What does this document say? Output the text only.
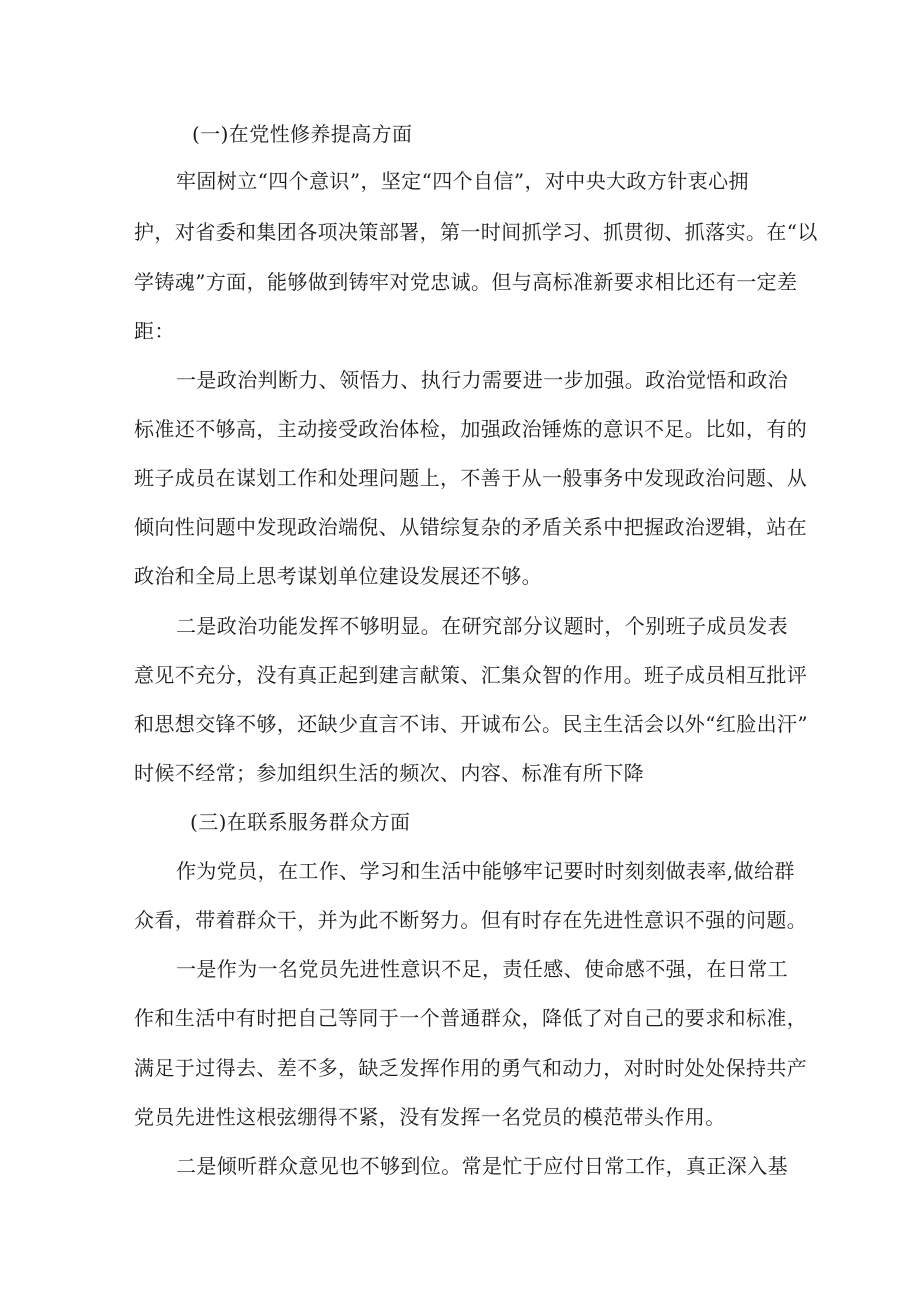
(一)在党性修养提高方面
牢固树立“四个意识”，坚定“四个自信”，对中央大政方针衷心拥
护，对省委和集团各项决策部署，第一时间抓学习、抓贯彻、抓落实。在“以
学铸魂”方面，能够做到铸牢对党忠诚。但与高标准新要求相比还有一定差
距：
一是政治判断力、领悟力、执行力需要进一步加强。政治觉悟和政治
标准还不够高，主动接受政治体检，加强政治锤炼的意识不足。比如，有的
班子成员在谋划工作和处理问题上，不善于从一般事务中发现政治问题、从
倾向性问题中发现政治端倪、从错综复杂的矛盾关系中把握政治逻辑，站在
政治和全局上思考谋划单位建设发展还不够。
二是政治功能发挥不够明显。在研究部分议题时，个别班子成员发表
意见不充分，没有真正起到建言献策、汇集众智的作用。班子成员相互批评
和思想交锋不够，还缺少直言不讳、开诚布公。民主生活会以外“红脸出汗”
时候不经常；参加组织生活的频次、内容、标准有所下降
(三)在联系服务群众方面
作为党员，在工作、学习和生活中能够牢记要时时刻刻做表率,做给群
众看，带着群众干，并为此不断努力。但有时存在先进性意识不强的问题。
一是作为一名党员先进性意识不足，责任感、使命感不强，在日常工
作和生活中有时把自己等同于一个普通群众，降低了对自己的要求和标准，
满足于过得去、差不多，缺乏发挥作用的勇气和动力，对时时处处保持共产
党员先进性这根弦绷得不紧，没有发挥一名党员的模范带头作用。
二是倾听群众意见也不够到位。常是忙于应付日常工作，真正深入基
